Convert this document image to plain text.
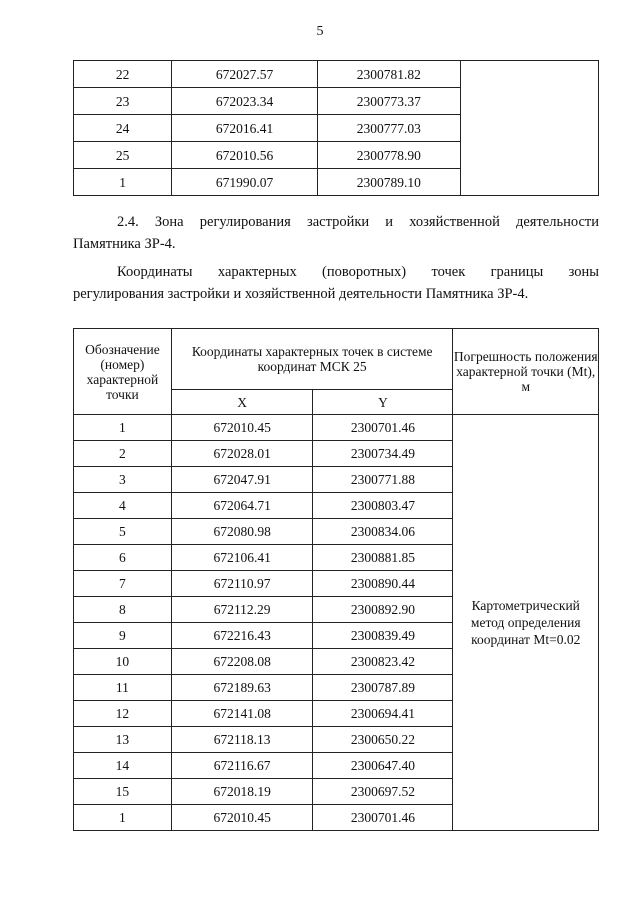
5
22	672027.57	2300781.82	
23	672023.34	2300773.37	
24	672016.41	2300777.03	
25	672010.56	2300778.90	
1	671990.07	2300789.10	
2.4. Зона регулирования застройки и хозяйственной деятельности
Памятника ЗР-4.
Координаты характерных (поворотных) точек границы зоны
регулирования застройки и хозяйственной деятельности Памятника ЗР-4.
Обозначение (номер) характерной точки	Координаты характерных точек в системе координат МСК 25		Погрешность положения характерной точки (Mt), м
	X	Y	
1	672010.45	2300701.46	Картометрический метод определения координат Mt=0.02
2	672028.01	2300734.49	
3	672047.91	2300771.88	
4	672064.71	2300803.47	
5	672080.98	2300834.06	
6	672106.41	2300881.85	
7	672110.97	2300890.44	
8	672112.29	2300892.90	
9	672216.43	2300839.49	
10	672208.08	2300823.42	
11	672189.63	2300787.89	
12	672141.08	2300694.41	
13	672118.13	2300650.22	
14	672116.67	2300647.40	
15	672018.19	2300697.52	
1	672010.45	2300701.46	
